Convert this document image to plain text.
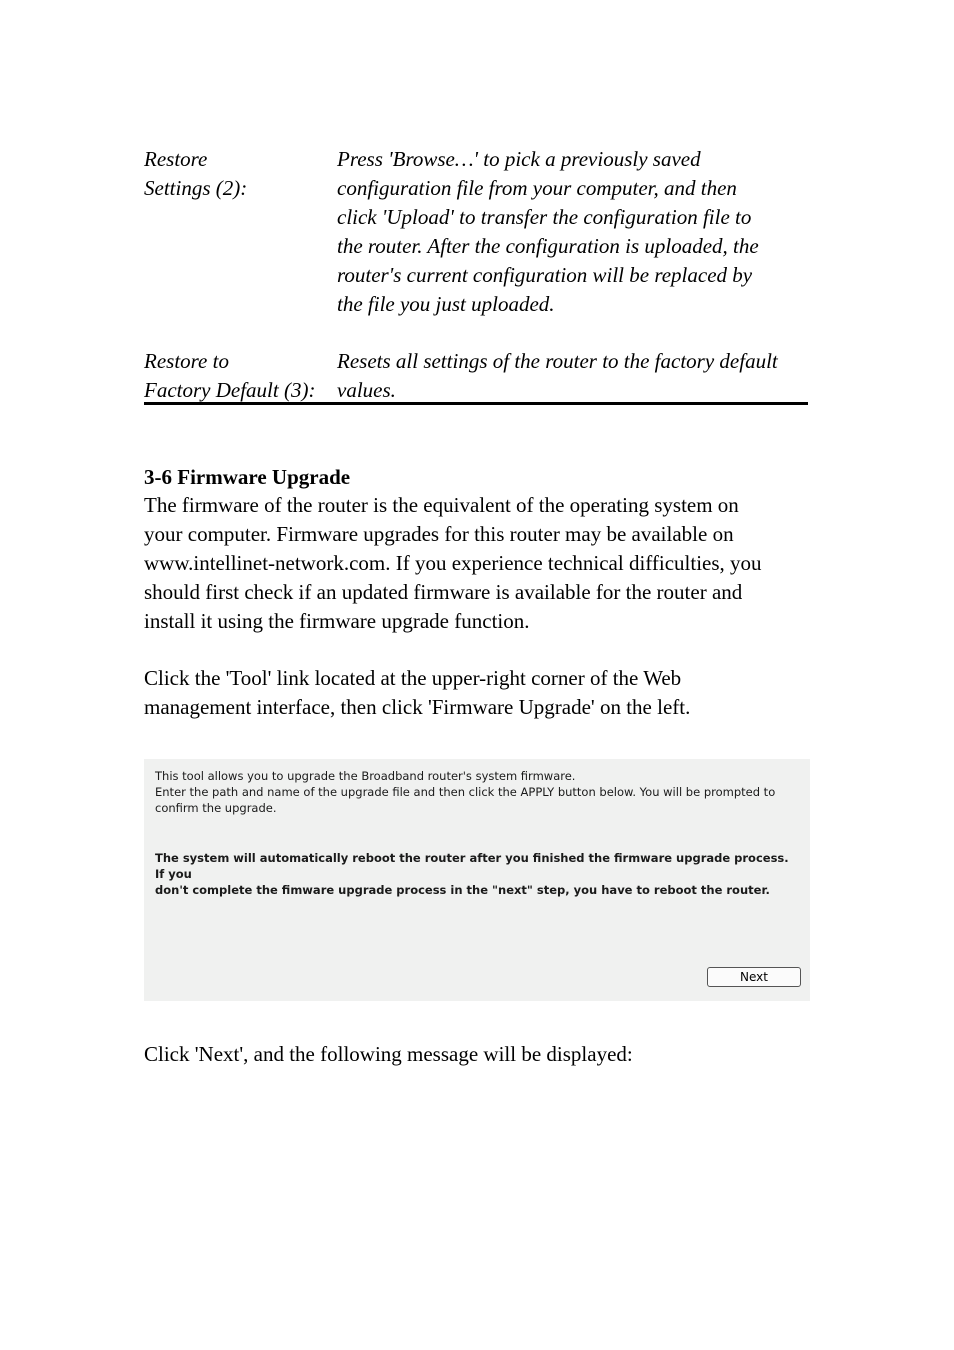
Restore
Settings (2):
Press 'Browse…' to pick a previously saved
configuration file from your computer, and then
click 'Upload' to transfer the configuration file to
the router. After the configuration is uploaded, the
router's current configuration will be replaced by
the file you just uploaded.
Restore to
Factory Default (3):
Resets all settings of the router to the factory default
values.
3-6 Firmware Upgrade
The firmware of the router is the equivalent of the operating system on
your computer. Firmware upgrades for this router may be available on
www.intellinet-network.com. If you experience technical difficulties, you
should first check if an updated firmware is available for the router and
install it using the firmware upgrade function.
Click the 'Tool' link located at the upper-right corner of the Web
management interface, then click 'Firmware Upgrade' on the left.
This tool allows you to upgrade the Broadband router's system firmware.
Enter the path and name of the upgrade file and then click the APPLY button below. You will be prompted to
confirm the upgrade.
The system will automatically reboot the router after you finished the firmware upgrade process. If you
don't complete the fimware upgrade process in the "next" step, you have to reboot the router.
Next
Click 'Next', and the following message will be displayed:
